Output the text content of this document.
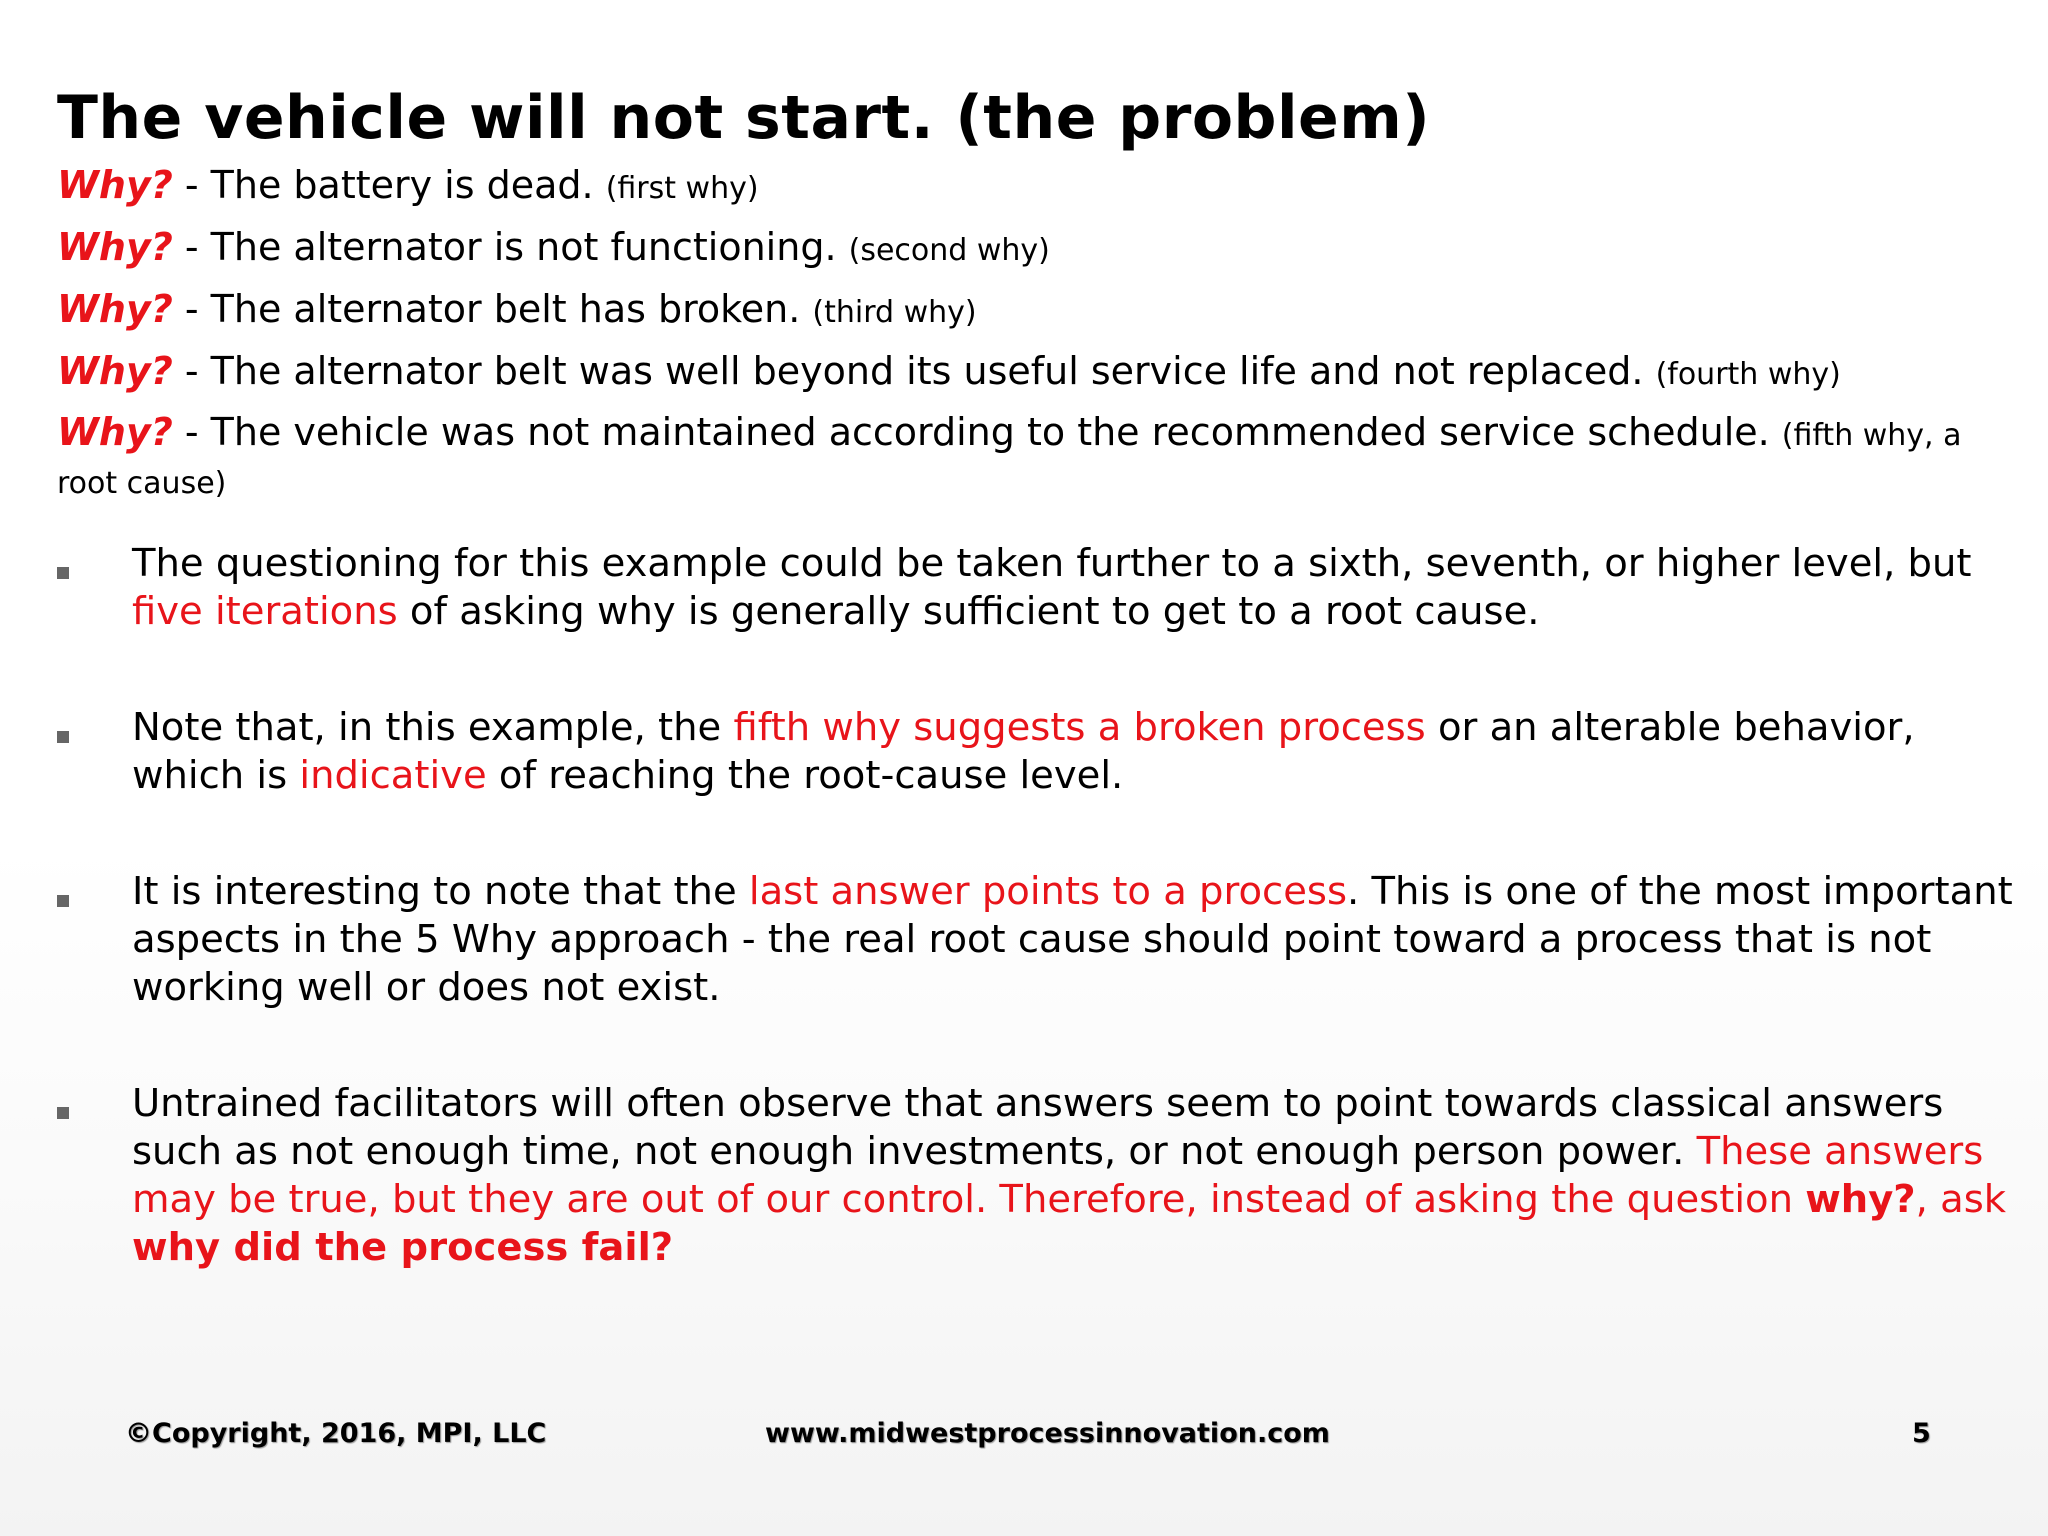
The vehicle will not start. (the problem)
Why? - The battery is dead. (first why)
Why? - The alternator is not functioning. (second why)
Why? - The alternator belt has broken. (third why)
Why? - The alternator belt was well beyond its useful service life and not replaced. (fourth why)
Why? - The vehicle was not maintained according to the recommended service schedule. (fifth why, a root cause)
The questioning for this example could be taken further to a sixth, seventh, or higher level, but five iterations of asking why is generally sufficient to get to a root cause.
Note that, in this example, the fifth why suggests a broken process or an alterable behavior, which is indicative of reaching the root-cause level.
It is interesting to note that the last answer points to a process. This is one of the most important aspects in the 5 Why approach - the real root cause should point toward a process that is not working well or does not exist.
Untrained facilitators will often observe that answers seem to point towards classical answers such as not enough time, not enough investments, or not enough person power. These answers may be true, but they are out of our control. Therefore, instead of asking the question why?, ask why did the process fail?
©Copyright, 2016, MPI, LLC	www.midwestprocessinnovation.com	5
